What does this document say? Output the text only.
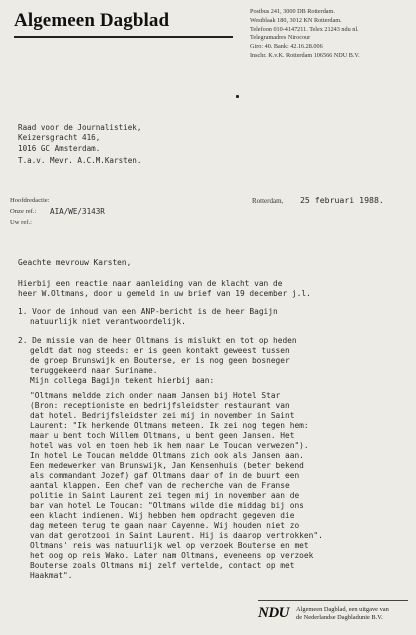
Algemeen Dagblad	Postbus 241, 3000 DB Rotterdam.
Westblaak 180, 3012 KN Rotterdam.
Telefoon 010-4147211. Telex 21243 ndu nl.
Telegramadres Nirocour
Giro: 40. Bank: 42.16.28.006
Inschr. K.v.K. Rotterdam 106566 NDU B.V.
Raad voor de Journalistiek,
Keizersgracht 416,
1016 GC Amsterdam.
T.a.v. Mevr. A.C.M.Karsten.
Hoofdredactie:
Onze ref.: AIA/WE/3143R
Uw ref.:
Rotterdam, 25 februari 1988.
Geachte mevrouw Karsten,
Hierbij een reactie naar aanleiding van de klacht van de
heer W.Oltmans, door u gemeld in uw brief van 19 december j.l.
1. Voor de inhoud van een ANP-bericht is de heer Bagijn
natuurlijk niet verantwoordelijk.
2. De missie van de heer Oltmans is mislukt en tot op heden
geldt dat nog steeds: er is geen kontakt geweest tussen
de groep Brunswijk en Bouterse, er is nog geen bosneger
teruggekeerd naar Suriname.
Mijn collega Bagijn tekent hierbij aan:
"Oltmans meldde zich onder naam Jansen bij Hotel Star
(Bron: receptioniste en bedrijfsleidster restaurant van
dat hotel. Bedrijfsleidster zei mij in november in Saint
Laurent: "Ik herkende Oltmans meteen. Ik zei nog tegen hem:
maar u bent toch Willem Oltmans, u bent geen Jansen. Het
hotel was vol en toen heb ik hem naar Le Toucan verwezen").
In hotel Le Toucan meldde Oltmans zich ook als Jansen aan.
Een medewerker van Brunswijk, Jan Kensenhuis (beter bekend
als commandant Jozef) gaf Oltmans daar of in de buurt een
aantal klappen. Een chef van de recherche van de Franse
politie in Saint Laurent zei tegen mij in november aan de
bar van hotel Le Toucan: "Oltmans wilde die middag bij ons
een klacht indienen. Wij hebben hem opdracht gegeven die
dag meteen terug te gaan naar Cayenne. Wij houden niet zo
van dat gerotzooi in Saint Laurent. Hij is daarop vertrokken".
Oltmans' reis was natuurlijk wel op verzoek Bouterse en met
het oog op reis Wako. Later nam Oltmans, eveneens op verzoek
Bouterse zoals Oltmans mij zelf vertelde, contact op met
Haakmat".
NDU Algemeen Dagblad, een uitgave van
de Nederlandse Dagbladunie B.V.
